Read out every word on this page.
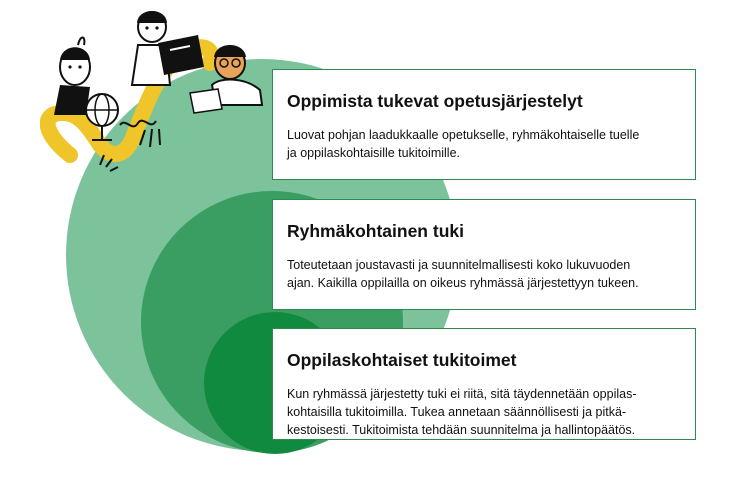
Oppimista tukevat opetusjärjestelyt

Luovat pohjan laadukkaalle opetukselle, ryhmäkohtaiselle tuelle
ja oppilaskohtaisille tukitoimille.

Ryhmäkohtainen tuki

Toteutetaan joustavasti ja suunnitelmallisesti koko lukuvuoden
ajan. Kaikilla oppilailla on oikeus ryhmässä järjestettyyn tukeen.

Oppilaskohtaiset tukitoimet

Kun ryhmässä järjestetty tuki ei riitä, sitä täydennetään oppilas-
kohtaisilla tukitoimilla. Tukea annetaan säännöllisesti ja pitkä-
kestoisesti. Tukitoimista tehdään suunnitelma ja hallintopäätös.
